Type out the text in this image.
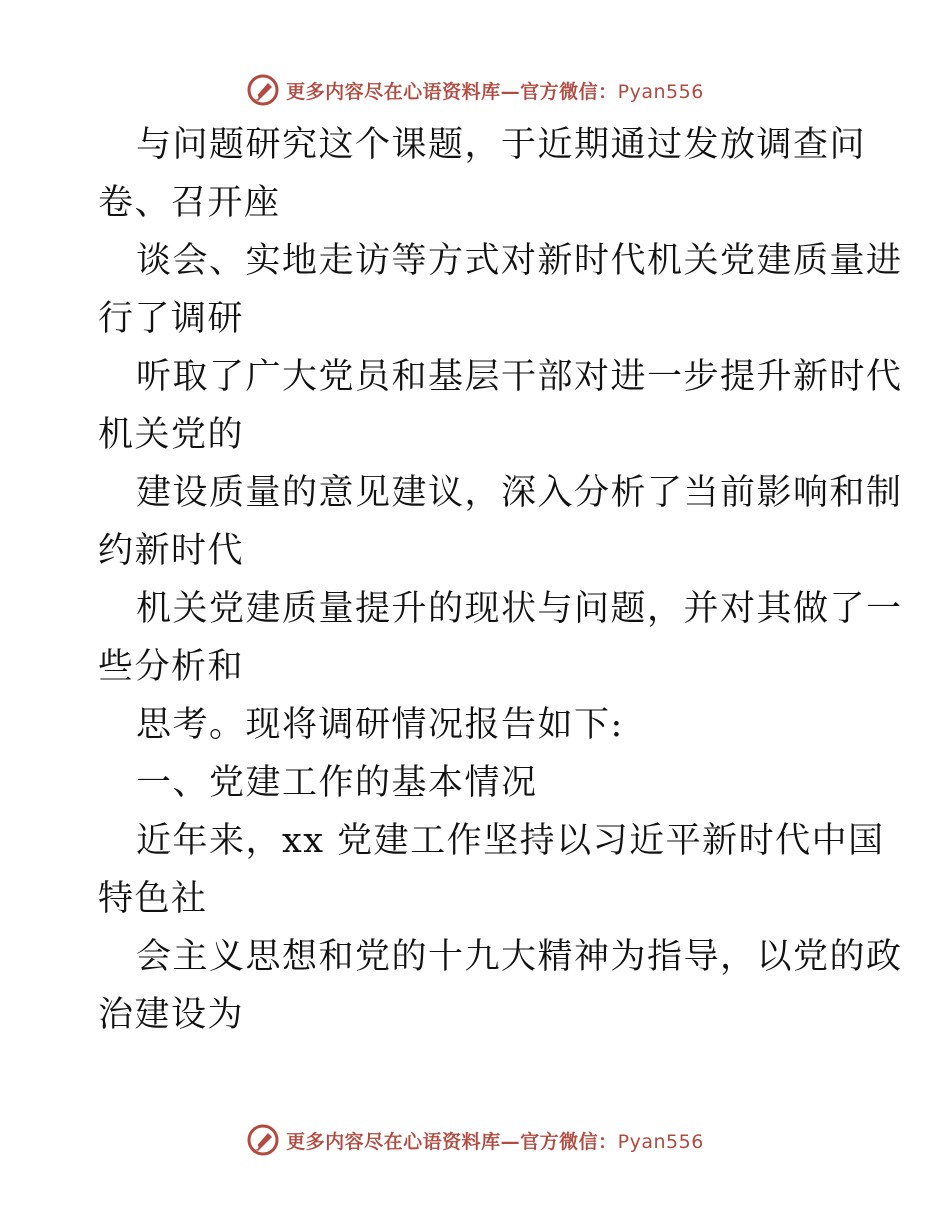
更多内容尽在心语资料库—官方微信：Pyan556
与问题研究这个课题，于近期通过发放调查问
卷、召开座
谈会、实地走访等方式对新时代机关党建质量进
行了调研
听取了广大党员和基层干部对进一步提升新时代
机关党的
建设质量的意见建议，深入分析了当前影响和制
约新时代
机关党建质量提升的现状与问题，并对其做了一
些分析和
思考。现将调研情况报告如下:
一、党建工作的基本情况
近年来，xx 党建工作坚持以习近平新时代中国
特色社
会主义思想和党的十九大精神为指导，以党的政
治建设为
更多内容尽在心语资料库—官方微信：Pyan556
